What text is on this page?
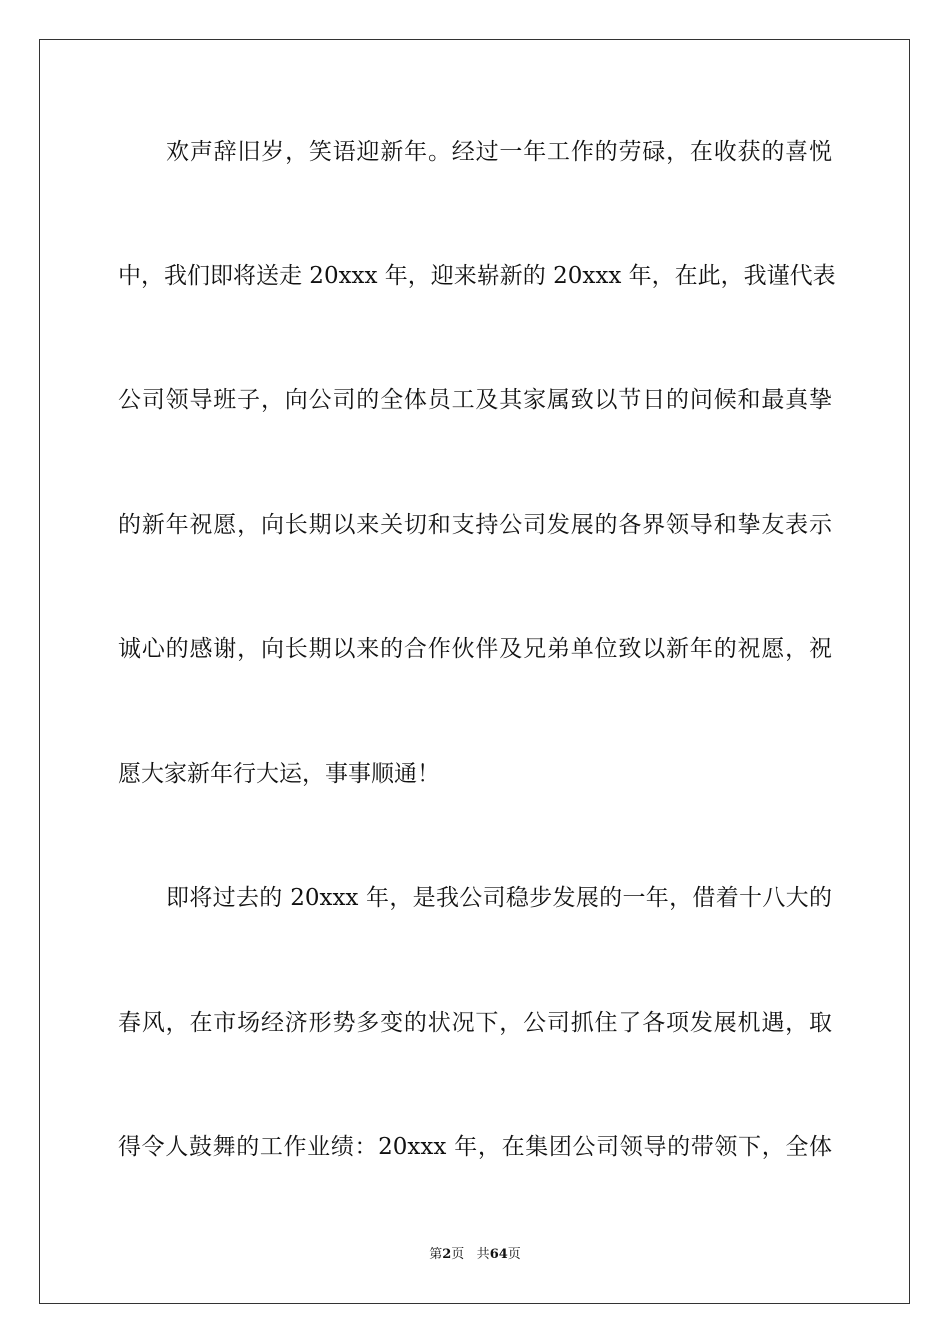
欢声辞旧岁，笑语迎新年。经过一年工作的劳碌，在收获的喜悦
中，我们即将送走 20xxx 年，迎来崭新的 20xxx 年，在此，我谨代表
公司领导班子，向公司的全体员工及其家属致以节日的问候和最真挚
的新年祝愿，向长期以来关切和支持公司发展的各界领导和挚友表示
诚心的感谢，向长期以来的合作伙伴及兄弟单位致以新年的祝愿，祝
愿大家新年行大运，事事顺通！
即将过去的 20xxx 年，是我公司稳步发展的一年，借着十八大的
春风，在市场经济形势多变的状况下，公司抓住了各项发展机遇，取
得令人鼓舞的工作业绩：20xxx 年，在集团公司领导的带领下，全体
第2页 共64页
